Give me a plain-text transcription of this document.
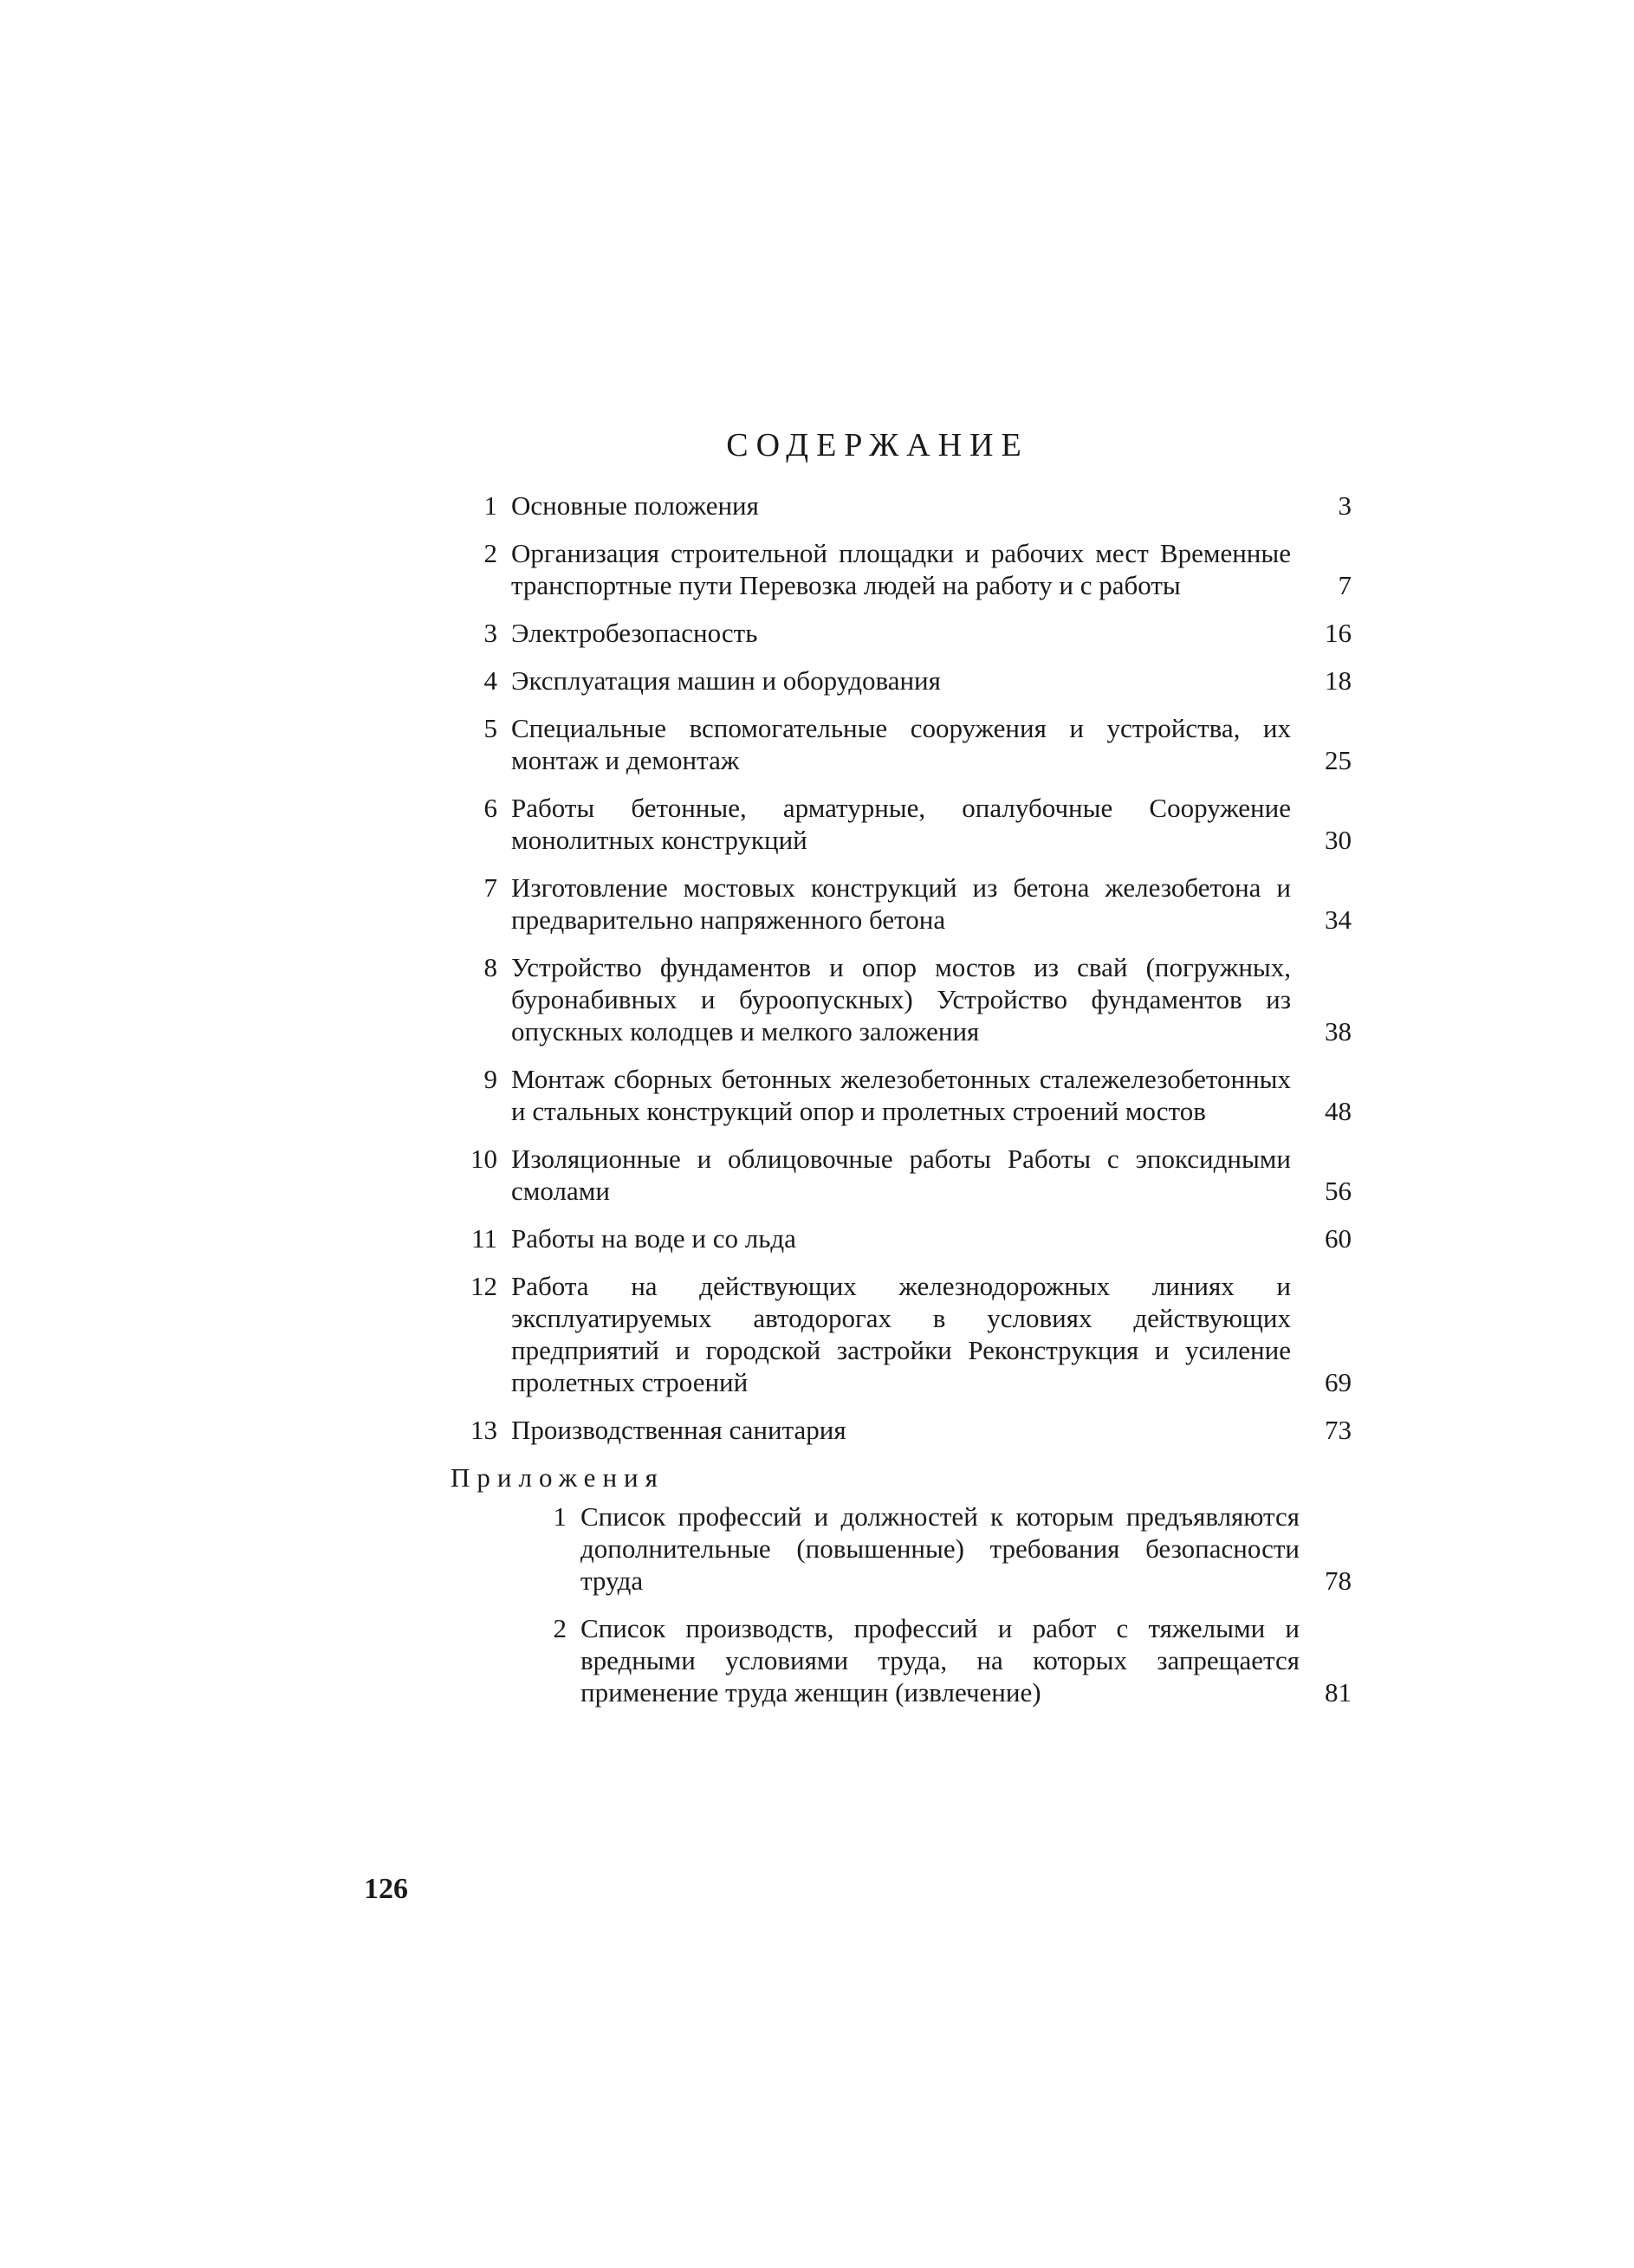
СОДЕРЖАНИЕ
1 Основные положения	3
2 Организация строительной площадки и рабочих мест Временные транспортные пути Перевозка людей на работу и с работы	7
3 Электробезопасность	16
4 Эксплуатация машин и оборудования	18
5 Специальные вспомогательные сооружения и устройства, их монтаж и демонтаж	25
6 Работы бетонные, арматурные, опалубочные Сооружение монолитных конструкций	30
7 Изготовление мостовых конструкций из бетона железобетона и предварительно напряженного бетона	34
8 Устройство фундаментов и опор мостов из свай (погружных, буронабивных и буроопускных) Устройство фундаментов из опускных колодцев и мелкого заложения	38
9 Монтаж сборных бетонных железобетонных сталежелезобетонных и стальных конструкций опор и пролетных строений мостов	48
10 Изоляционные и облицовочные работы Работы с эпоксидными смолами	56
11 Работы на воде и со льда	60
12 Работа на действующих железнодорожных линиях и эксплуатируемых автодорогах в условиях действующих предприятий и городской застройки Реконструкция и усиление пролетных строений	69
13 Производственная санитария	73
Приложения
1 Список профессий и должностей к которым предъявляются дополнительные (повышенные) требования безопасности труда	78
2 Список производств, профессий и работ с тяжелыми и вредными условиями труда, на которых запрещается применение труда женщин (извлечение)	81
126
